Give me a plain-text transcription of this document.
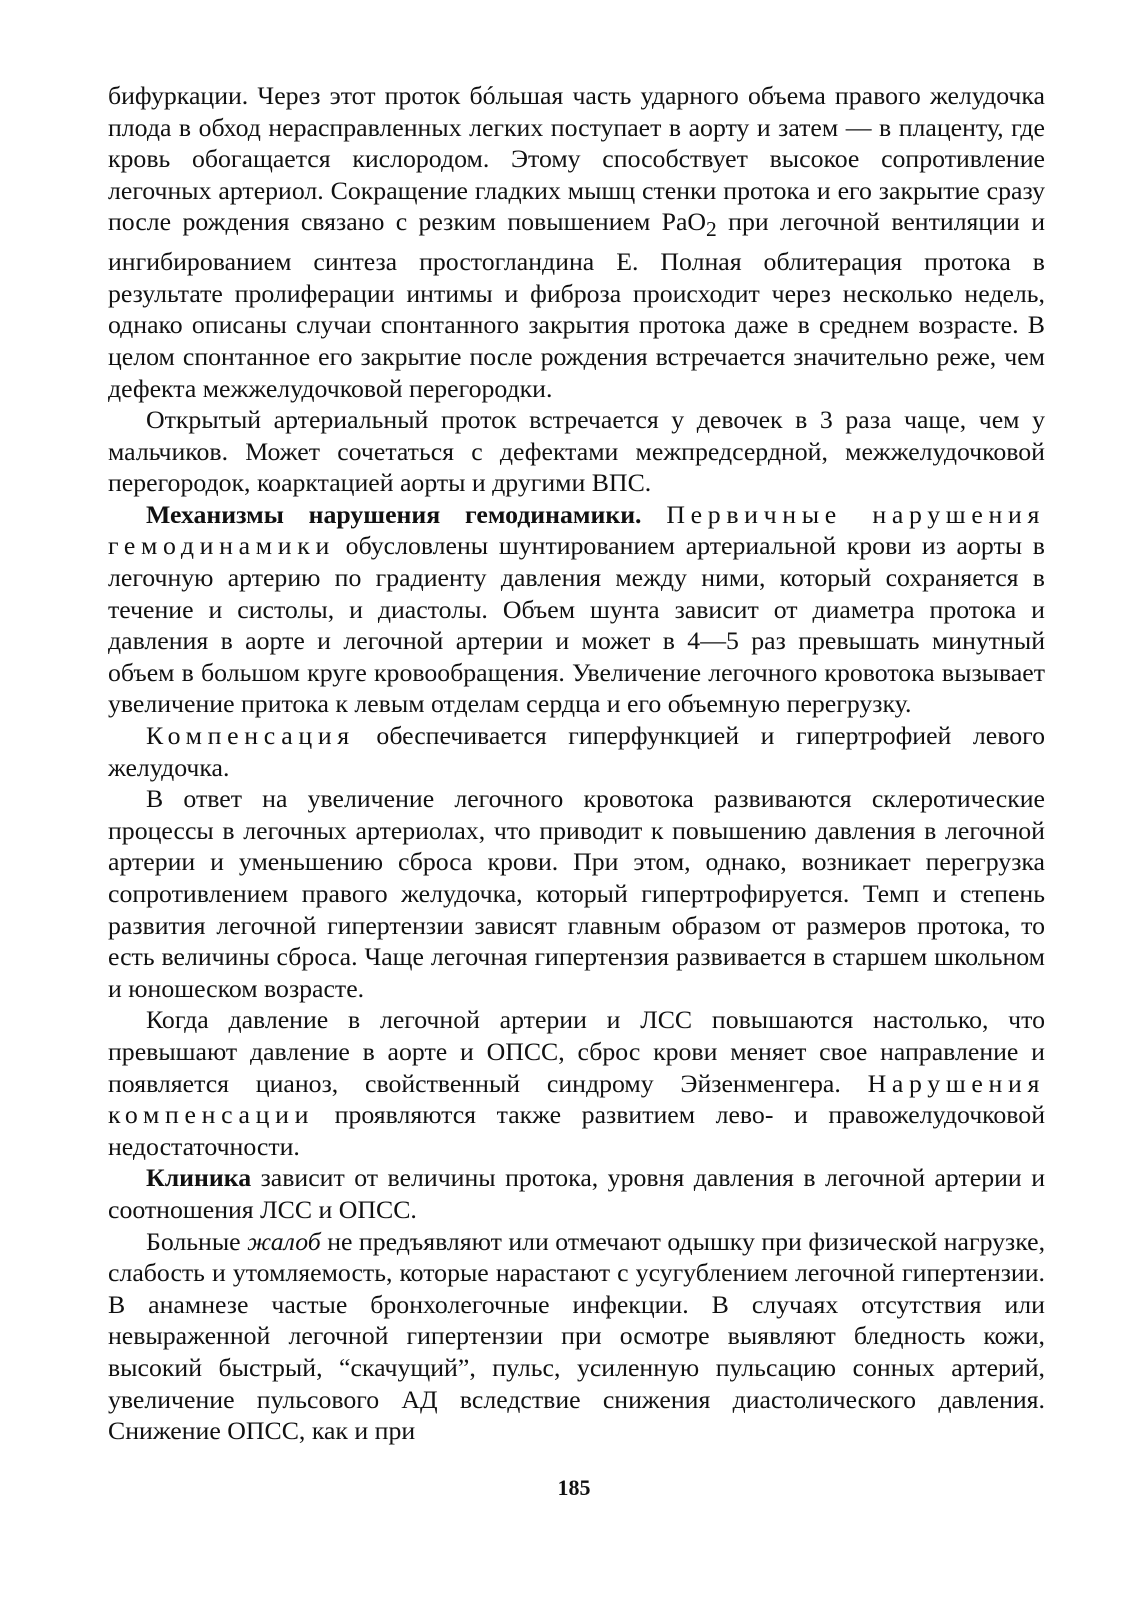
бифуркации. Через этот проток бóльшая часть ударного объема правого желудочка плода в обход нерасправленных легких поступает в аорту и затем — в плаценту, где кровь обогащается кислородом. Этому способствует высокое сопротивление легочных артериол. Сокращение гладких мышц стенки протока и его закрытие сразу после рождения связано с резким повышением РаО$_2$ при легочной вентиляции и ингибированием синтеза простогландина Е. Полная облитерация протока в результате пролиферации интимы и фиброза происходит через несколько недель, однако описаны случаи спонтанного закрытия протока даже в среднем возрасте. В целом спонтанное его закрытие после рождения встречается значительно реже, чем дефекта межжелудочковой перегородки.

Открытый артериальный проток встречается у девочек в 3 раза чаще, чем у мальчиков. Может сочетаться с дефектами межпредсердной, межжелудочковой перегородок, коарктацией аорты и другими ВПС.

Механизмы нарушения гемодинамики. Первичные нарушения гемодинамики обусловлены шунтированием артериальной крови из аорты в легочную артерию по градиенту давления между ними, который сохраняется в течение и систолы, и диастолы. Объем шунта зависит от диаметра протока и давления в аорте и легочной артерии и может в 4—5 раз превышать минутный объем в большом круге кровообращения. Увеличение легочного кровотока вызывает увеличение притока к левым отделам сердца и его объемную перегрузку.

Компенсация обеспечивается гиперфункцией и гипертрофией левого желудочка.

В ответ на увеличение легочного кровотока развиваются склеротические процессы в легочных артериолах, что приводит к повышению давления в легочной артерии и уменьшению сброса крови. При этом, однако, возникает перегрузка сопротивлением правого желудочка, который гипертрофируется. Темп и степень развития легочной гипертензии зависят главным образом от размеров протока, то есть величины сброса. Чаще легочная гипертензия развивается в старшем школьном и юношеском возрасте.

Когда давление в легочной артерии и ЛСС повышаются настолько, что превышают давление в аорте и ОПСС, сброс крови меняет свое направление и появляется цианоз, свойственный синдрому Эйзенменгера. Нарушения компенсации проявляются также развитием лево- и правожелудочковой недостаточности.

Клиника зависит от величины протока, уровня давления в легочной артерии и соотношения ЛСС и ОПСС.

Больные жалоб не предъявляют или отмечают одышку при физической нагрузке, слабость и утомляемость, которые нарастают с усугублением легочной гипертензии. В анамнезе частые бронхолегочные инфекции. В случаях отсутствия или невыраженной легочной гипертензии при осмотре выявляют бледность кожи, высокий быстрый, “скачущий”, пульс, усиленную пульсацию сонных артерий, увеличение пульсового АД вследствие снижения диастолического давления. Снижение ОПСС, как и при

185
